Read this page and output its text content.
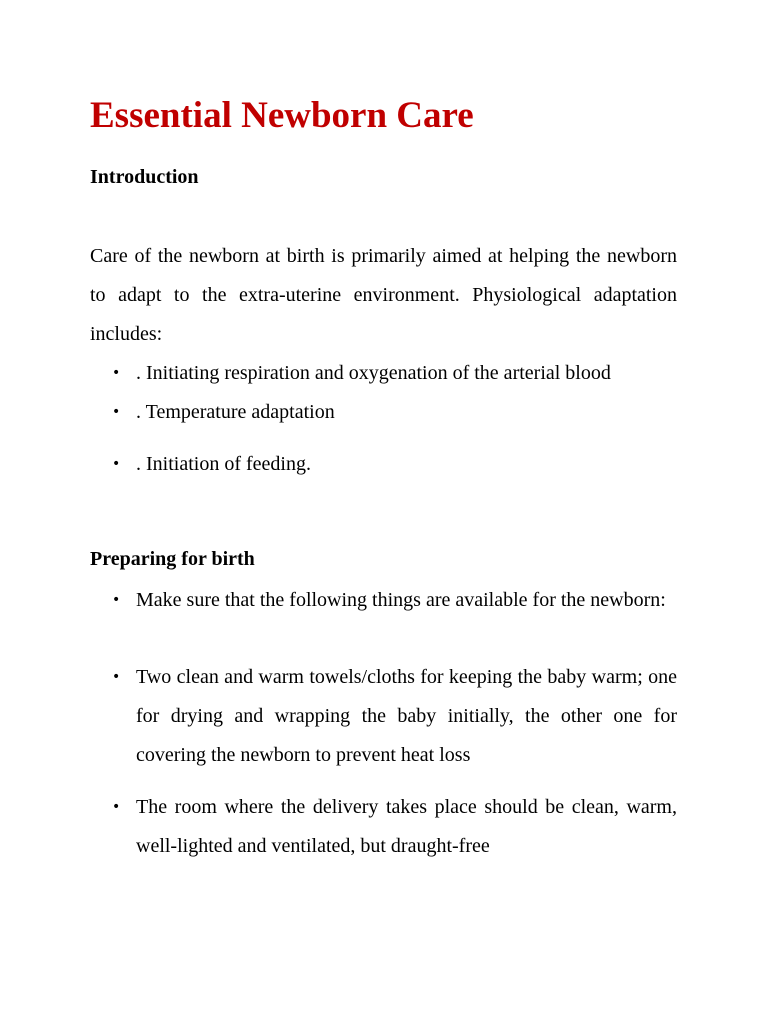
Essential Newborn Care
Introduction

Care of the newborn at birth is primarily aimed at helping the newborn to adapt to the extra-uterine environment. Physiological adaptation includes:

• . Initiating respiration and oxygenation of the arterial blood
• . Temperature adaptation
• . Initiation of feeding.
Preparing for birth
• Make sure that the following things are available for the newborn:
• Two clean and warm towels/cloths for keeping the baby warm; one for drying and wrapping the baby initially, the other one for covering the newborn to prevent heat loss
• The room where the delivery takes place should be clean, warm, well-lighted and ventilated, but draught-free
